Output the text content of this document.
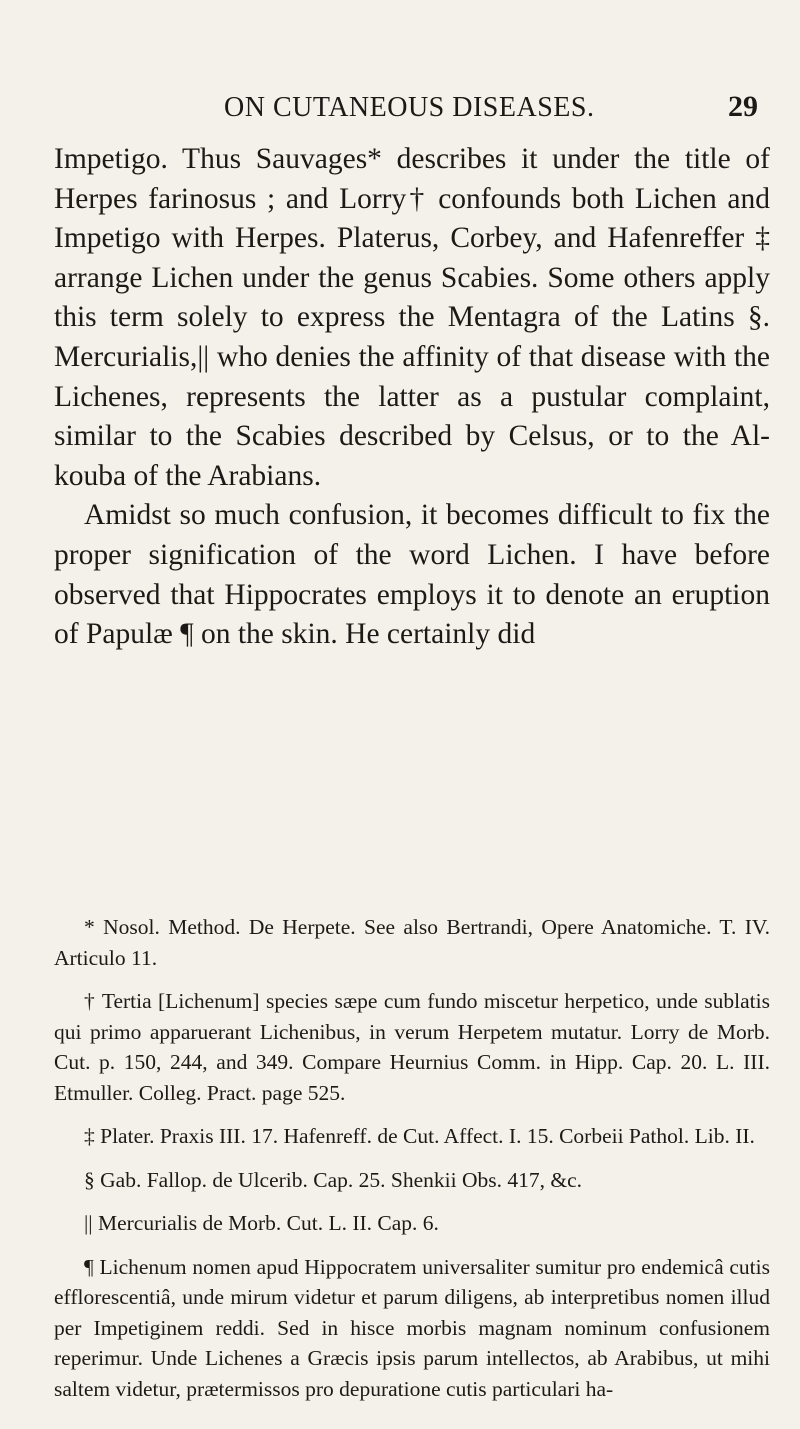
ON CUTANEOUS DISEASES.	29

Impetigo. Thus Sauvages* describes it under the title of Herpes farinosus ; and Lorry† confounds both Lichen and Impetigo with Herpes. Platerus, Corbey, and Hafenreffer ‡ arrange Lichen under the genus Scabies. Some others apply this term solely to express the Mentagra of the Latins §. Mercurialis,|| who denies the affinity of that disease with the Lichenes, represents the latter as a pustular complaint, similar to the Scabies described by Celsus, or to the Al-kouba of the Arabians.

Amidst so much confusion, it becomes difficult to fix the proper signification of the word Lichen. I have before observed that Hippocrates employs it to denote an eruption of Papulæ ¶ on the skin. He certainly did

* Nosol. Method. De Herpete. See also Bertrandi, Opere Anatomiche. T. IV. Articulo 11.

† Tertia [Lichenum] species sæpe cum fundo miscetur herpetico, unde sublatis qui primo apparuerant Lichenibus, in verum Herpetem mutatur. Lorry de Morb. Cut. p. 150, 244, and 349. Compare Heurnius Comm. in Hipp. Cap. 20. L. III. Etmuller. Colleg. Pract. page 525.

‡ Plater. Praxis III. 17. Hafenreff. de Cut. Affect. I. 15. Corbeii Pathol. Lib. II.

§ Gab. Fallop. de Ulcerib. Cap. 25. Shenkii Obs. 417, &c.

|| Mercurialis de Morb. Cut. L. II. Cap. 6.

¶ Lichenum nomen apud Hippocratem universaliter sumitur pro endemicâ cutis efflorescentiâ, unde mirum videtur et parum diligens, ab interpretibus nomen illud per Impetiginem reddi. Sed in hisce morbis magnam nominum confusionem reperimur. Unde Lichenes a Græcis ipsis parum intellectos, ab Arabibus, ut mihi saltem videtur, prætermissos pro depuratione cutis particulari ha-
